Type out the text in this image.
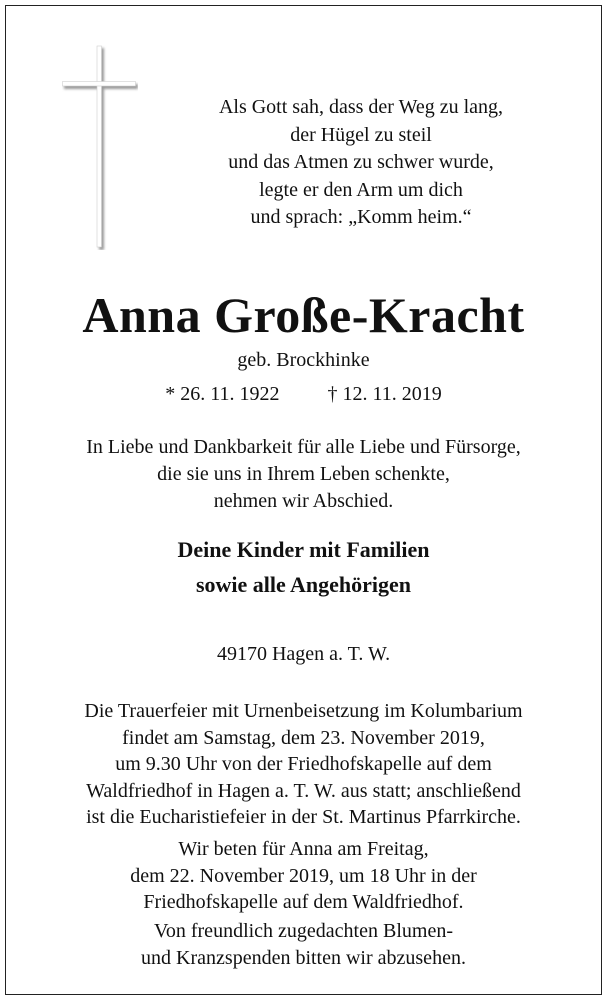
Als Gott sah, dass der Weg zu lang,
der Hügel zu steil
und das Atmen zu schwer wurde,
legte er den Arm um dich
und sprach: „Komm heim.“
Anna Große-Kracht
geb. Brockhinke
* 26. 11. 1922 † 12. 11. 2019
In Liebe und Dankbarkeit für alle Liebe und Fürsorge,
die sie uns in Ihrem Leben schenkte,
nehmen wir Abschied.
Deine Kinder mit Familien
sowie alle Angehörigen
49170 Hagen a. T. W.
Die Trauerfeier mit Urnenbeisetzung im Kolumbarium
findet am Samstag, dem 23. November 2019,
um 9.30 Uhr von der Friedhofskapelle auf dem
Waldfriedhof in Hagen a. T. W. aus statt; anschließend
ist die Eucharistiefeier in der St. Martinus Pfarrkirche.
Wir beten für Anna am Freitag,
dem 22. November 2019, um 18 Uhr in der
Friedhofskapelle auf dem Waldfriedhof.
Von freundlich zugedachten Blumen-
und Kranzspenden bitten wir abzusehen.
